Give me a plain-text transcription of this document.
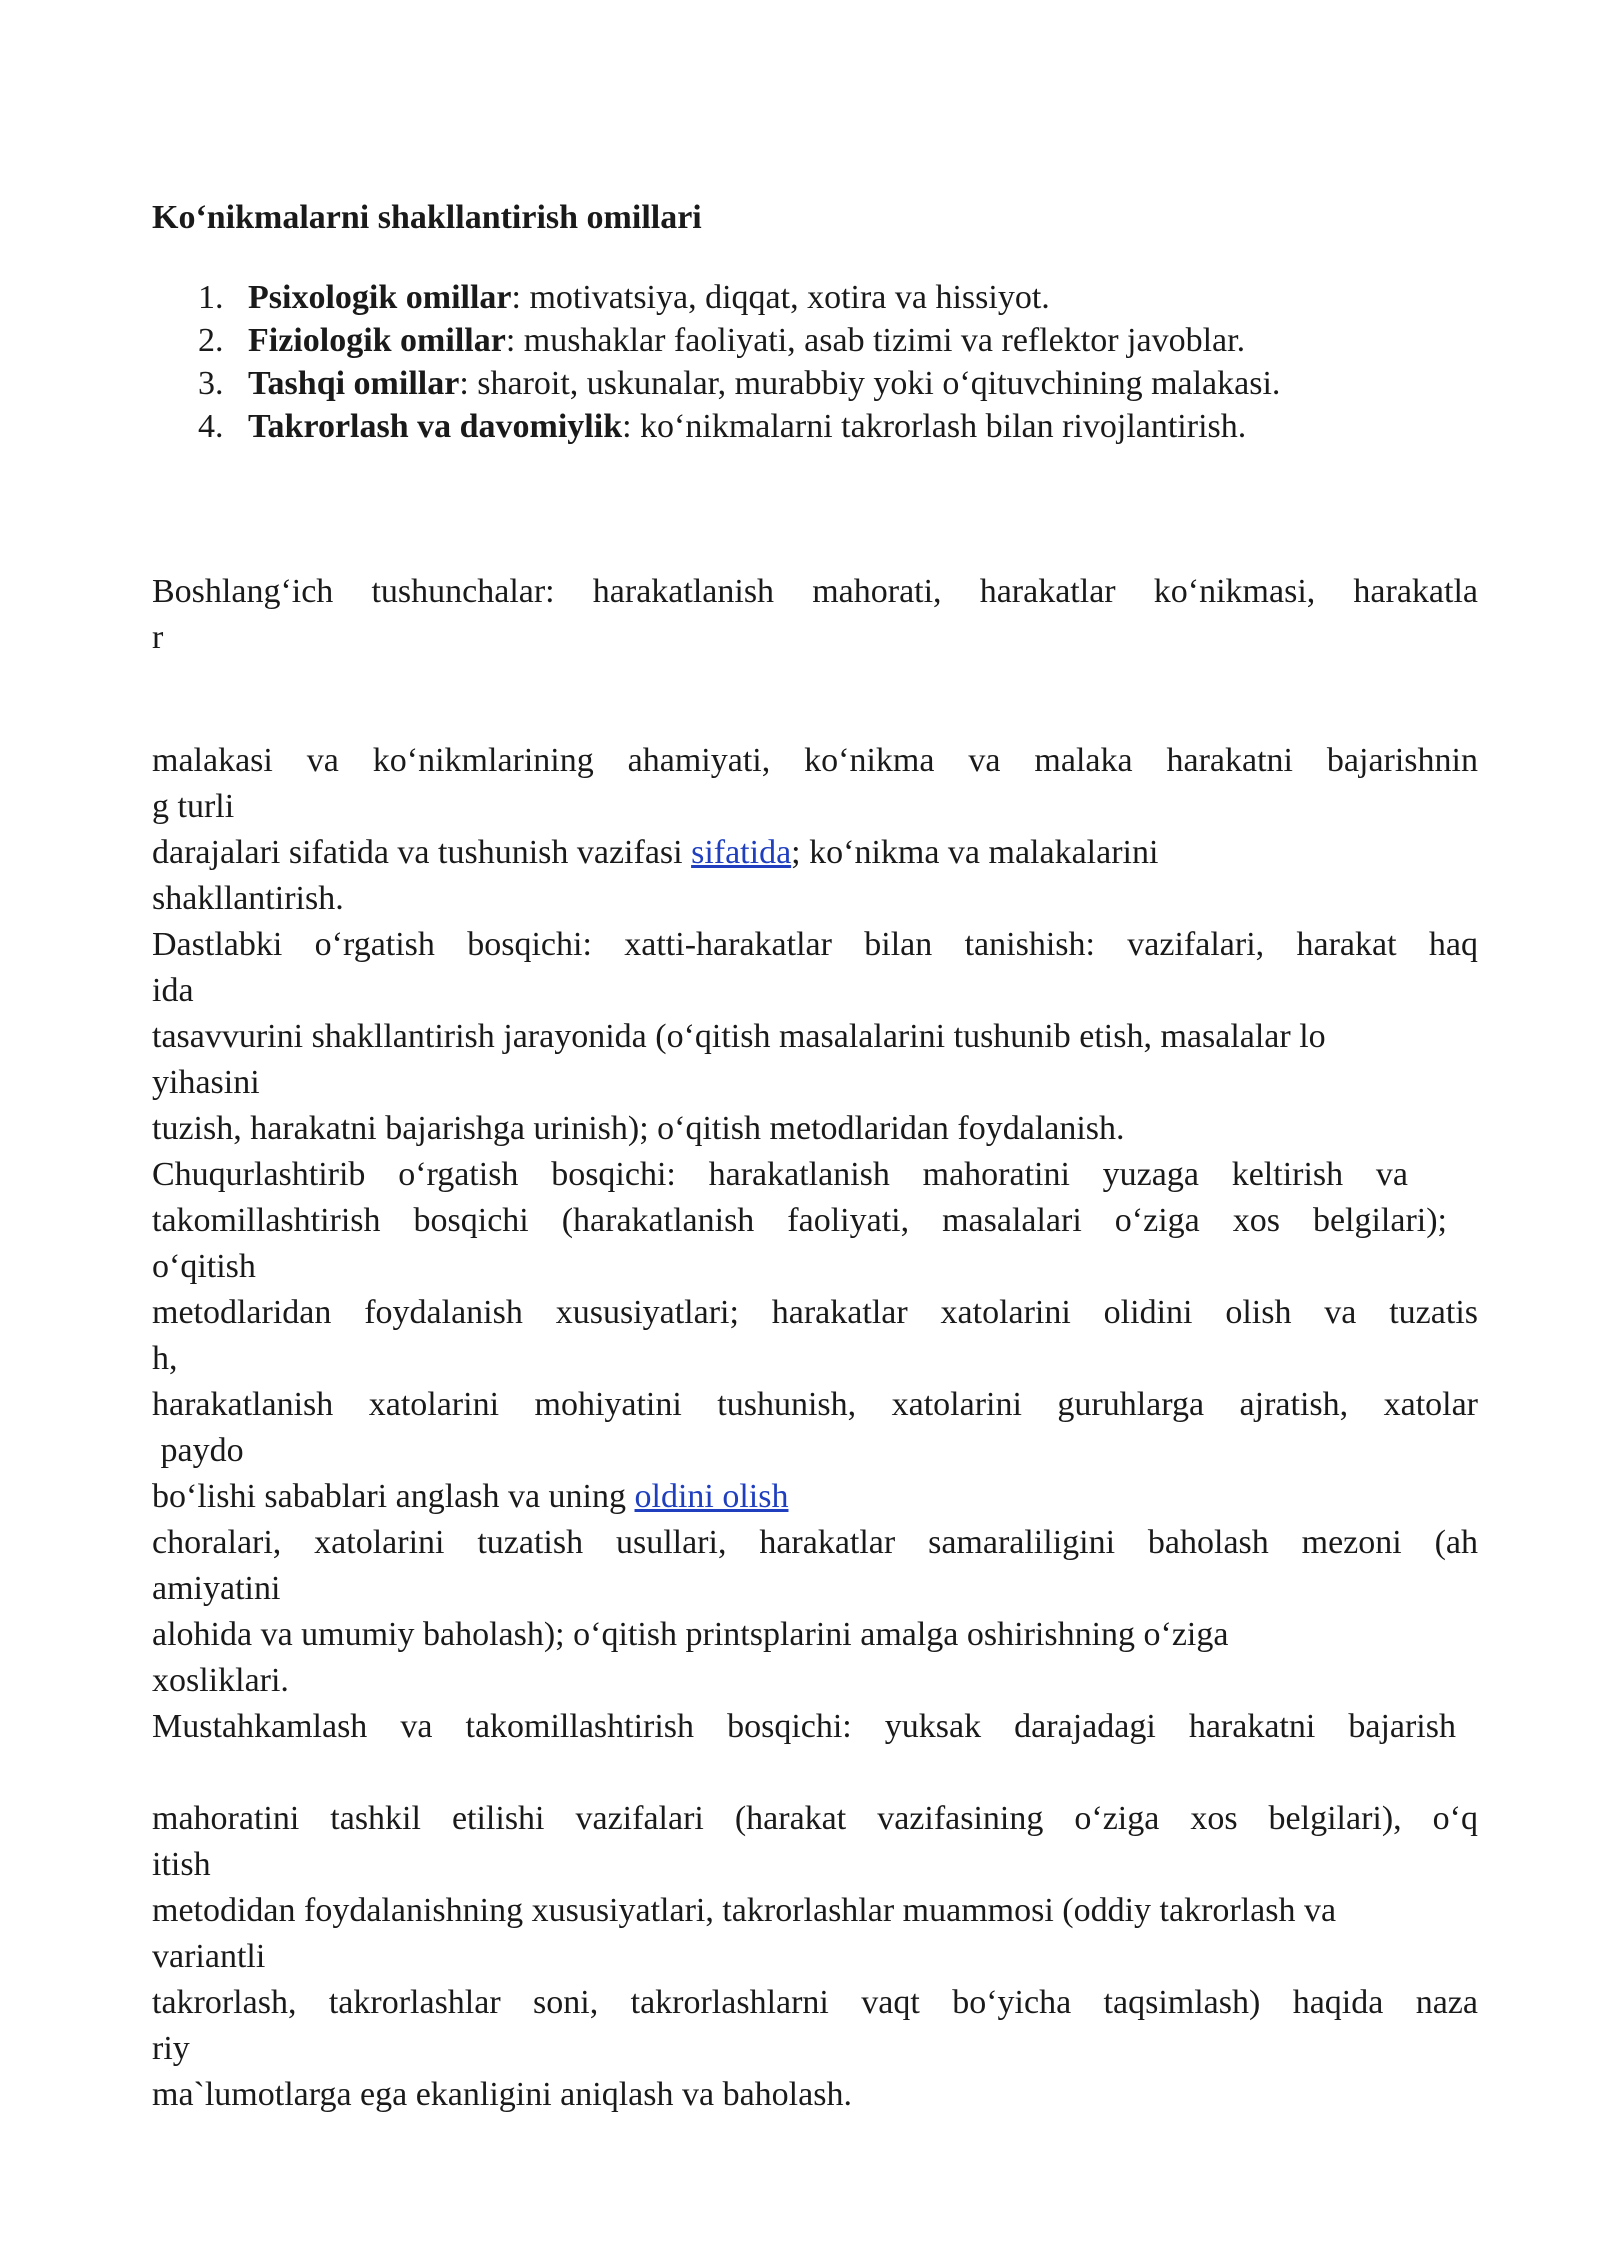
Ko‘nikmalarni shakllantirish omillari
1. Psixologik omillar: motivatsiya, diqqat, xotira va hissiyot.
2. Fiziologik omillar: mushaklar faoliyati, asab tizimi va reflektor javoblar.
3. Tashqi omillar: sharoit, uskunalar, murabbiy yoki o‘qituvchining malakasi.
4. Takrorlash va davomiylik: ko‘nikmalarni takrorlash bilan rivojlantirish.
Boshlang‘ich tushunchalar: harakatlanish mahorati, harakatlar ko‘nikmasi, harakatla
r
malakasi va ko‘nikmlarining ahamiyati, ko‘nikma va malaka harakatni bajarishnin
g turli
darajalari sifatida va tushunish vazifasi sifatida; ko‘nikma va malakalarini
shakllantirish.
Dastlabki o‘rgatish bosqichi: xatti-harakatlar bilan tanishish: vazifalari, harakat haq
ida
tasavvurini shakllantirish jarayonida (o‘qitish masalalarini tushunib etish, masalalar lo
yihasini
tuzish, harakatni bajarishga urinish); o‘qitish metodlaridan foydalanish.
Chuqurlashtirib o‘rgatish bosqichi: harakatlanish mahoratini yuzaga keltirish va
takomillashtirish bosqichi (harakatlanish faoliyati, masalalari o‘ziga xos belgilari);
o‘qitish
metodlaridan foydalanish xususiyatlari; harakatlar xatolarini olidini olish va tuzatis
h,
harakatlanish xatolarini mohiyatini tushunish, xatolarini guruhlarga ajratish, xatolar
paydo
bo‘lishi sabablari anglash va uning oldini olish
choralari, xatolarini tuzatish usullari, harakatlar samaraliligini baholash mezoni (ah
amiyatini
alohida va umumiy baholash); o‘qitish printsplarini amalga oshirishning o‘ziga
xosliklari.
Mustahkamlash va takomillashtirish bosqichi: yuksak darajadagi harakatni bajarish
mahoratini tashkil etilishi vazifalari (harakat vazifasining o‘ziga xos belgilari), o‘q
itish
metodidan foydalanishning xususiyatlari, takrorlashlar muammosi (oddiy takrorlash va
variantli
takrorlash, takrorlashlar soni, takrorlashlarni vaqt bo‘yicha taqsimlash) haqida naza
riy
ma`lumotlarga ega ekanligini aniqlash va baholash.
